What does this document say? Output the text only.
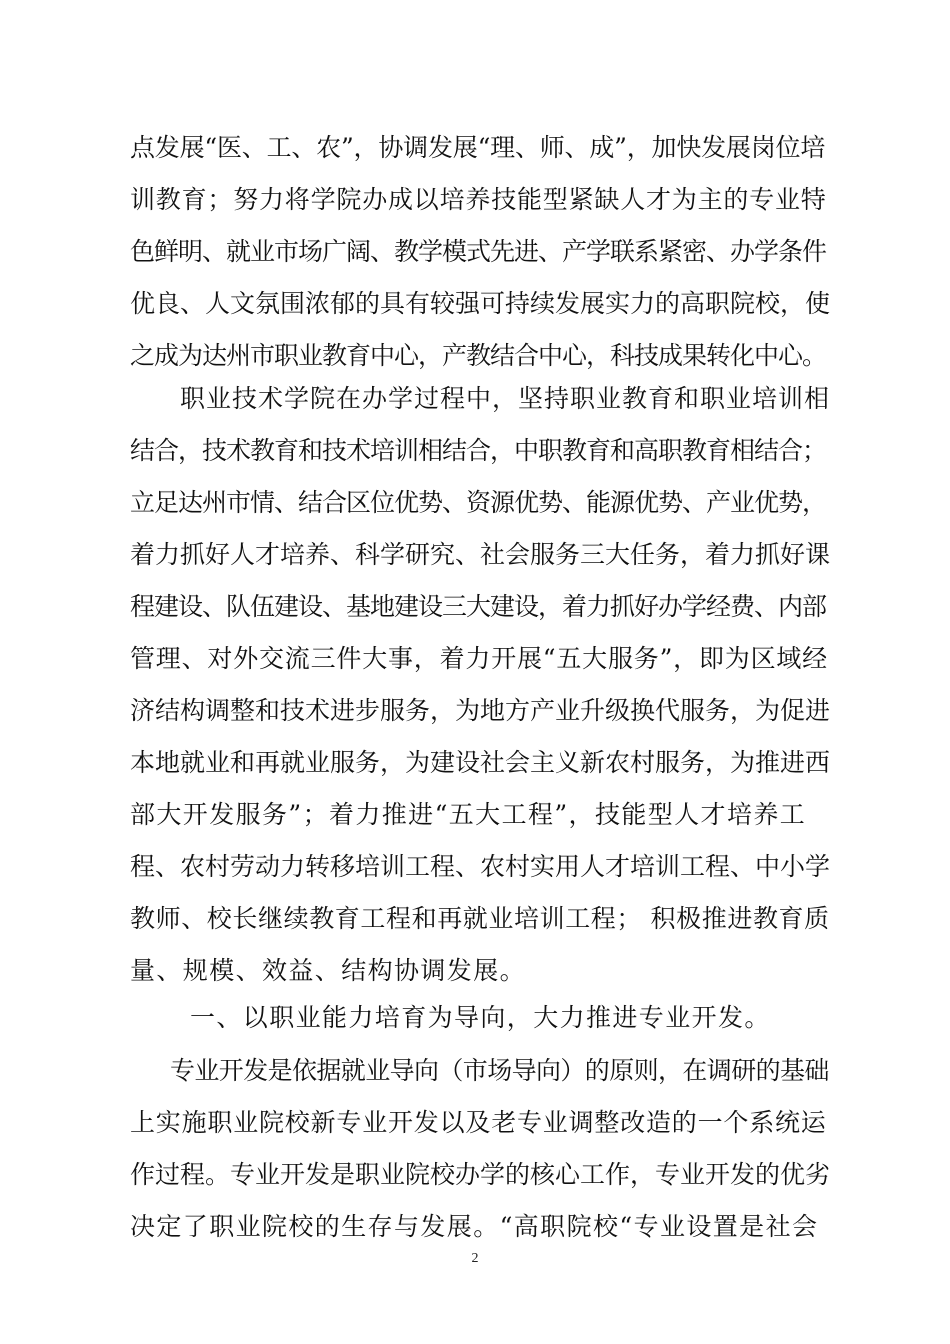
点发展“医、工、农”，协调发展“理、师、成”，加快发展岗位培
训教育；努力将学院办成以培养技能型紧缺人才为主的专业特
色鲜明、就业市场广阔、教学模式先进、产学联系紧密、办学条件
优良、人文氛围浓郁的具有较强可持续发展实力的高职院校，使
之成为达州市职业教育中心，产教结合中心，科技成果转化中心。
职业技术学院在办学过程中，坚持职业教育和职业培训相
结合，技术教育和技术培训相结合，中职教育和高职教育相结合；
立足达州市情、结合区位优势、资源优势、能源优势、产业优势，
着力抓好人才培养、科学研究、社会服务三大任务，着力抓好课
程建设、队伍建设、基地建设三大建设，着力抓好办学经费、内部
管理、对外交流三件大事，着力开展“五大服务”，即为区域经
济结构调整和技术进步服务，为地方产业升级换代服务，为促进
本地就业和再就业服务，为建设社会主义新农村服务，为推进西
部大开发服务”；着力推进“五大工程”，技能型人才培养工
程、农村劳动力转移培训工程、农村实用人才培训工程、中小学
教师、校长继续教育工程和再就业培训工程； 积极推进教育质
量、规模、效益、结构协调发展。
一、以职业能力培育为导向，大力推进专业开发。
专业开发是依据就业导向（市场导向）的原则，在调研的基础
上实施职业院校新专业开发以及老专业调整改造的一个系统运
作过程。专业开发是职业院校办学的核心工作，专业开发的优劣
决定了职业院校的生存与发展。“高职院校“专业设置是社会
2
